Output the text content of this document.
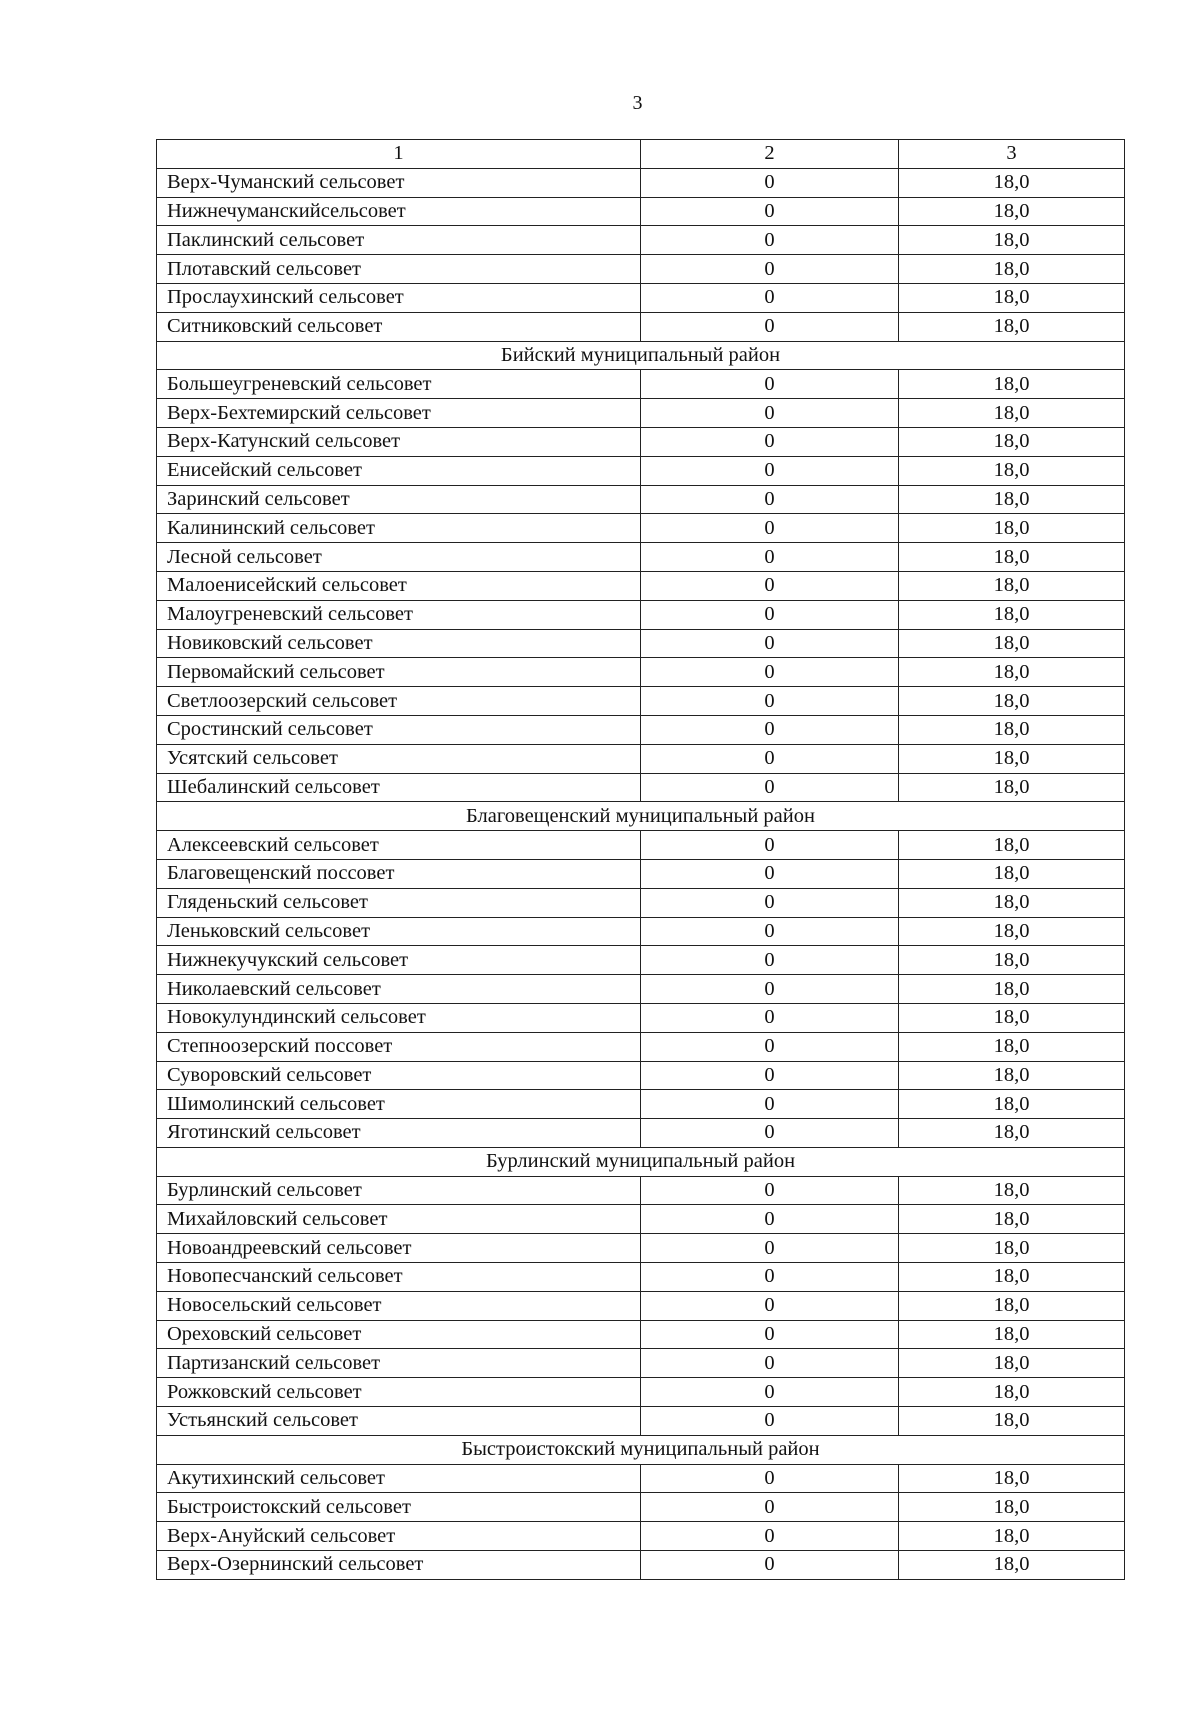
3
1	2	3
Верх-Чуманский сельсовет	0	18,0
Нижнечуманскийсельсовет	0	18,0
Паклинский сельсовет	0	18,0
Плотавский сельсовет	0	18,0
Прослаухинский сельсовет	0	18,0
Ситниковский сельсовет	0	18,0
Бийский муниципальный район		
Большеугреневский сельсовет	0	18,0
Верх-Бехтемирский сельсовет	0	18,0
Верх-Катунский сельсовет	0	18,0
Енисейский сельсовет	0	18,0
Заринский сельсовет	0	18,0
Калининский сельсовет	0	18,0
Лесной сельсовет	0	18,0
Малоенисейский сельсовет	0	18,0
Малоугреневский сельсовет	0	18,0
Новиковский сельсовет	0	18,0
Первомайский сельсовет	0	18,0
Светлоозерский сельсовет	0	18,0
Сростинский сельсовет	0	18,0
Усятский сельсовет	0	18,0
Шебалинский сельсовет	0	18,0
Благовещенский муниципальный район		
Алексеевский сельсовет	0	18,0
Благовещенский поссовет	0	18,0
Гляденьский сельсовет	0	18,0
Леньковский сельсовет	0	18,0
Нижнекучукский сельсовет	0	18,0
Николаевский сельсовет	0	18,0
Новокулундинский сельсовет	0	18,0
Степноозерский поссовет	0	18,0
Суворовский сельсовет	0	18,0
Шимолинский сельсовет	0	18,0
Яготинский сельсовет	0	18,0
Бурлинский муниципальный район		
Бурлинский сельсовет	0	18,0
Михайловский сельсовет	0	18,0
Новоандреевский сельсовет	0	18,0
Новопесчанский сельсовет	0	18,0
Новосельский сельсовет	0	18,0
Ореховский сельсовет	0	18,0
Партизанский сельсовет	0	18,0
Рожковский сельсовет	0	18,0
Устьянский сельсовет	0	18,0
Быстроистокский муниципальный район		
Акутихинский сельсовет	0	18,0
Быстроистокский сельсовет	0	18,0
Верх-Ануйский сельсовет	0	18,0
Верх-Озернинский сельсовет	0	18,0
